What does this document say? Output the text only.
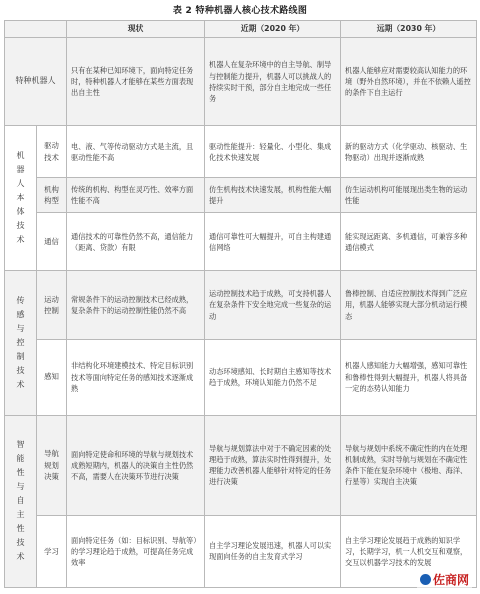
表 2 特种机器人核心技术路线图
		现状	近期（2020 年）	远期（2030 年）
特种机器人		只有在某种已知环境下，面向特定任务时，特种机器人才能够在某些方面表现出自主性	机器人在复杂环境中的自主导航、制导与控制能力提升，机器人可以挑战人的持续实时干预，部分自主地完成一些任务	机器人能够应对需要较高认知能力的环境（野外自然环境），并在不依赖人遥控的条件下自主运行

机器人本体技术	驱动技术	电、液、气等传动驱动方式是主流，且驱动性能不高	驱动性能提升：轻量化、小型化、集成化技术快速发展	新的驱动方式（化学驱动、核驱动、生物驱动）出现并逐渐成熟
	机构构型	传统的机构、构型在灵巧性、效率方面性能不高	仿生机构技术快速发展，机构性能大幅提升	仿生运动机构可能展现出类生物的运动性能
	通信	通信技术的可靠性仍然不高，通信能力（距离、贷款）有限	通信可靠性可大幅提升，可自主构建通信网络	能实现远距离、多机通信，可兼容多种通信模式

传感与控制技术	运动控制	常规条件下的运动控制技术已经成熟，复杂条件下的运动控制性能仍然不高	运动控制技术趋于成熟，可支持机器人在复杂条件下安全地完成一些复杂的运动	鲁棒控制、自适应控制技术得到广泛应用，机器人能够实现大部分机动运行模态
	感知	非结构化环境建模技术、特定目标识别技术等面向特定任务的感知技术逐渐成熟	动态环境感知、长时期自主感知等技术趋于成熟，环境认知能力仍然不足	机器人感知能力大幅增强，感知可靠性和鲁棒性得到大幅提升，机器人将具备一定的态势认知能力

智能性与自主性技术	导航规划决策	面向特定使命和环境的导航与规划技术成熟短期内，机器人的决策自主性仍然不高，需要人在决策环节进行决策	导航与规划算法中对于不确定因素的处理趋于成熟，算法实时性得到提升，处理能力改善机器人能够针对特定的任务进行决策	导航与规划中系统不确定性的内在处理机制成熟，实时导航与规划在不确定性条件下能在复杂环境中（极地、海洋、行星等）实现自主决策
	学习	面向特定任务（如：目标识别、导航等）的学习理论趋于成熟，可提高任务完成效率	自主学习理论发展迅速，机器人可以实现面向任务的自主发育式学习	自主学习理论发展趋于成熟的知识学习，长期学习，机一人机交互和观察，交互以机器学习技术的发展
佐商网
